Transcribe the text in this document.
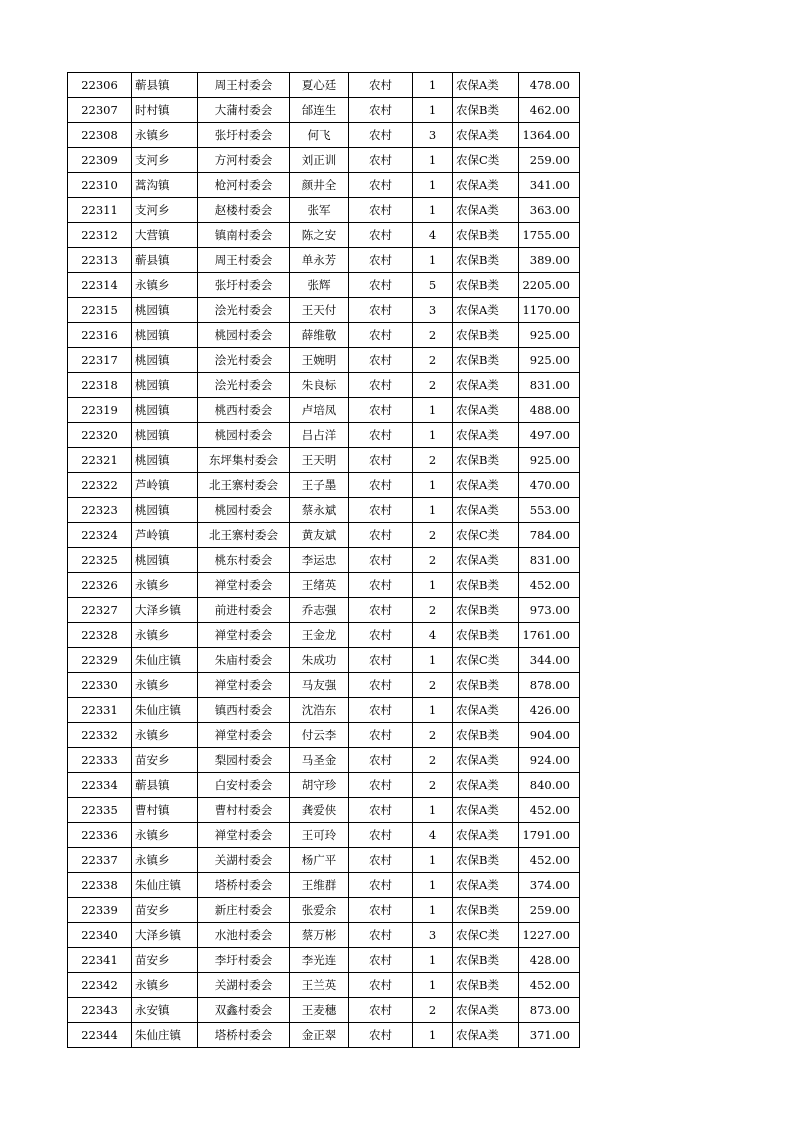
22306	蕲县镇	周王村委会	夏心廷	农村	1	农保A类	478.00
22307	时村镇	大蒲村委会	邰连生	农村	1	农保B类	462.00
22308	永镇乡	张圩村委会	何飞	农村	3	农保A类	1364.00
22309	支河乡	方河村委会	刘正训	农村	1	农保C类	259.00
22310	蒿沟镇	枪河村委会	颜井全	农村	1	农保A类	341.00
22311	支河乡	赵楼村委会	张军	农村	1	农保A类	363.00
22312	大营镇	镇南村委会	陈之安	农村	4	农保B类	1755.00
22313	蕲县镇	周王村委会	单永芳	农村	1	农保B类	389.00
22314	永镇乡	张圩村委会	张辉	农村	5	农保B类	2205.00
22315	桃园镇	浍光村委会	王天付	农村	3	农保A类	1170.00
22316	桃园镇	桃园村委会	薛维敬	农村	2	农保B类	925.00
22317	桃园镇	浍光村委会	王婉明	农村	2	农保B类	925.00
22318	桃园镇	浍光村委会	朱良标	农村	2	农保A类	831.00
22319	桃园镇	桃西村委会	卢培凤	农村	1	农保A类	488.00
22320	桃园镇	桃园村委会	吕占洋	农村	1	农保A类	497.00
22321	桃园镇	东坪集村委会	王天明	农村	2	农保B类	925.00
22322	芦岭镇	北王寨村委会	王子墨	农村	1	农保A类	470.00
22323	桃园镇	桃园村委会	蔡永斌	农村	1	农保A类	553.00
22324	芦岭镇	北王寨村委会	黄友斌	农村	2	农保C类	784.00
22325	桃园镇	桃东村委会	李运忠	农村	2	农保A类	831.00
22326	永镇乡	禅堂村委会	王绪英	农村	1	农保B类	452.00
22327	大泽乡镇	前进村委会	乔志强	农村	2	农保B类	973.00
22328	永镇乡	禅堂村委会	王金龙	农村	4	农保B类	1761.00
22329	朱仙庄镇	朱庙村委会	朱成功	农村	1	农保C类	344.00
22330	永镇乡	禅堂村委会	马友强	农村	2	农保B类	878.00
22331	朱仙庄镇	镇西村委会	沈浩东	农村	1	农保A类	426.00
22332	永镇乡	禅堂村委会	付云李	农村	2	农保B类	904.00
22333	苗安乡	梨园村委会	马圣金	农村	2	农保A类	924.00
22334	蕲县镇	白安村委会	胡守珍	农村	2	农保A类	840.00
22335	曹村镇	曹村村委会	龚爱侠	农村	1	农保A类	452.00
22336	永镇乡	禅堂村委会	王可玲	农村	4	农保A类	1791.00
22337	永镇乡	关湖村委会	杨广平	农村	1	农保B类	452.00
22338	朱仙庄镇	塔桥村委会	王维群	农村	1	农保A类	374.00
22339	苗安乡	新庄村委会	张爱余	农村	1	农保B类	259.00
22340	大泽乡镇	水池村委会	蔡万彬	农村	3	农保C类	1227.00
22341	苗安乡	李圩村委会	李光连	农村	1	农保B类	428.00
22342	永镇乡	关湖村委会	王兰英	农村	1	农保B类	452.00
22343	永安镇	双鑫村委会	王麦穗	农村	2	农保A类	873.00
22344	朱仙庄镇	塔桥村委会	金正翠	农村	1	农保A类	371.00
